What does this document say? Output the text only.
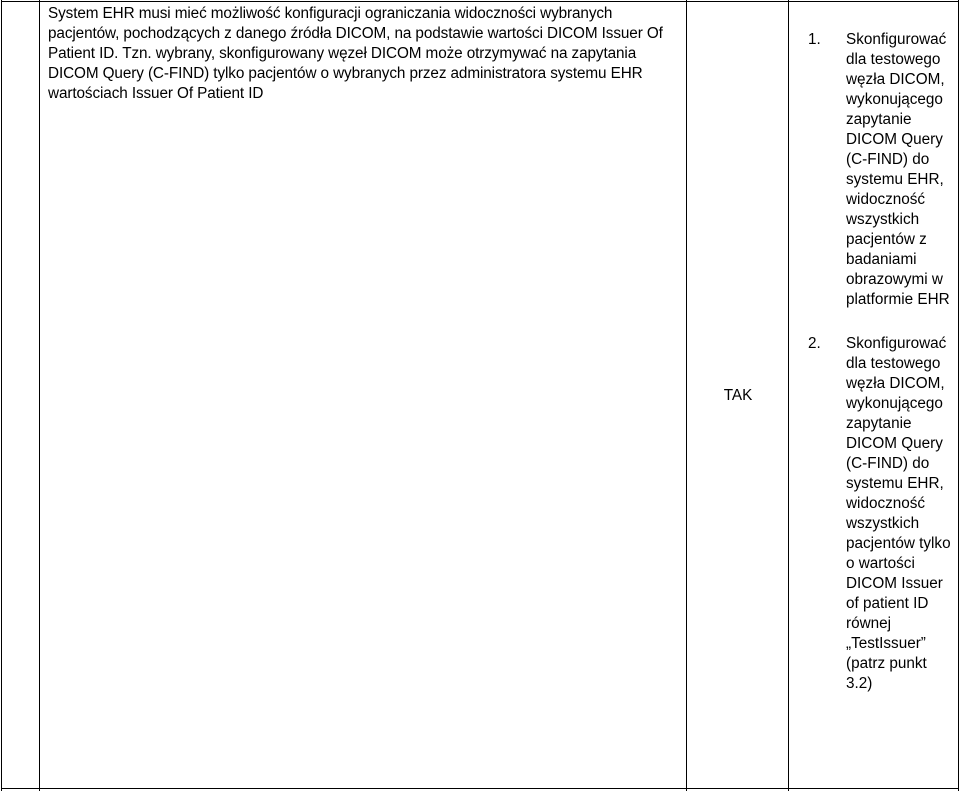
System EHR musi mieć możliwość konfiguracji ograniczania widoczności wybranych pacjentów, pochodzących z danego źródła DICOM, na podstawie wartości DICOM Issuer Of Patient ID. Tzn. wybrany, skonfigurowany węzeł DICOM może otrzymywać na zapytania DICOM Query (C-FIND) tylko pacjentów o wybranych przez administratora systemu EHR wartościach Issuer Of Patient ID
TAK
1. Skonfigurować dla testowego węzła DICOM, wykonującego zapytanie DICOM Query (C-FIND) do systemu EHR, widoczność wszystkich pacjentów z badaniami obrazowymi w platformie EHR
2. Skonfigurować dla testowego węzła DICOM, wykonującego zapytanie DICOM Query (C-FIND) do systemu EHR, widoczność wszystkich pacjentów tylko o wartości DICOM Issuer of patient ID równej „TestIssuer” (patrz punkt 3.2)
